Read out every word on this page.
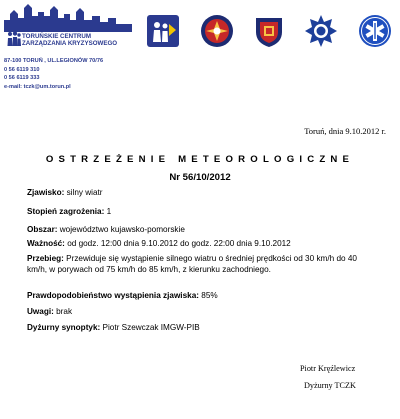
TORUŃSKIE CENTRUM
ZARZĄDZANIA KRYZYSOWEGO
87-100 TORUŃ , UL.LEGIONÓW 70/76
0 56 6119 310
0 56 6119 333
e-mail: tczk@um.torun.pl
Toruń, dnia 9.10.2012 r.
OSTRZEŻENIE METEOROLOGICZNE
Nr 56/10/2012
Zjawisko: silny wiatr
Stopień zagrożenia: 1
Obszar: województwo kujawsko-pomorskie
Ważność: od godz. 12:00 dnia 9.10.2012 do godz. 22:00 dnia 9.10.2012
Przebieg: Przewiduje się wystąpienie silnego wiatru o średniej prędkości od 30 km/h do 40 km/h, w porywach od 75 km/h do 85 km/h, z kierunku zachodniego.
Prawdopodobieństwo wystąpienia zjawiska: 85%
Uwagi: brak
Dyżurny synoptyk: Piotr Szewczak IMGW-PIB
Piotr Kręźlewicz
Dyżurny TCZK
